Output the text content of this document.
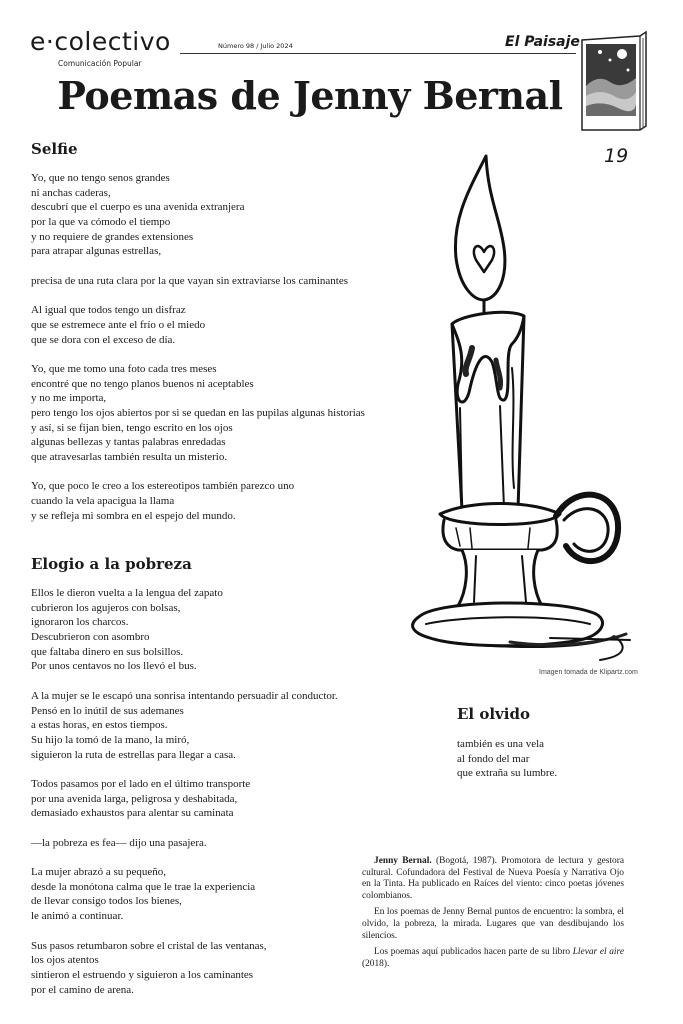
e·colectivo
Comunicación Popular
Número 98 / Julio 2024	El Paisaje
19
Poemas de Jenny Bernal
Selfie
Yo, que no tengo senos grandes
ni anchas caderas,
descubrí que el cuerpo es una avenida extranjera
por la que va cómodo el tiempo
y no requiere de grandes extensiones
para atrapar algunas estrellas,
precisa de una ruta clara por la que vayan sin extraviarse los caminantes
Al igual que todos tengo un disfraz
que se estremece ante el frío o el miedo
que se dora con el exceso de día.
Yo, que me tomo una foto cada tres meses
encontré que no tengo planos buenos ni aceptables
y no me importa,
pero tengo los ojos abiertos por si se quedan en las pupilas algunas historias
y así, si se fijan bien, tengo escrito en los ojos
algunas bellezas y tantas palabras enredadas
que atravesarlas también resulta un misterio.
Yo, que poco le creo a los estereotipos también parezco uno
cuando la vela apacigua la llama
y se refleja mi sombra en el espejo del mundo.
Imagen tomada de Klipartz.com
Elogio a la pobreza
Ellos le dieron vuelta a la lengua del zapato
cubrieron los agujeros con bolsas,
ignoraron los charcos.
Descubrieron con asombro
que faltaba dinero en sus bolsillos.
Por unos centavos no los llevó el bus.
A la mujer se le escapó una sonrisa intentando persuadir al conductor.
Pensó en lo inútil de sus ademanes
a estas horas, en estos tiempos.
Su hijo la tomó de la mano, la miró,
siguieron la ruta de estrellas para llegar a casa.
Todos pasamos por el lado en el último transporte
por una avenida larga, peligrosa y deshabitada,
demasiado exhaustos para alentar su caminata
—la pobreza es fea— dijo una pasajera.
La mujer abrazó a su pequeño,
desde la monótona calma que le trae la experiencia
de llevar consigo todos los bienes,
le animó a continuar.
Sus pasos retumbaron sobre el cristal de las ventanas,
los ojos atentos
sintieron el estruendo y siguieron a los caminantes
por el camino de arena.
El olvido
también es una vela
al fondo del mar
que extraña su lumbre.

Jenny Bernal. (Bogotá, 1987). Promotora de lectura y gestora cultural. Cofundadora del Festival de Nueva Poesía y Narrativa Ojo en la Tinta. Ha publicado en Raíces del viento: cinco poetas jóvenes colombianos.

En los poemas de Jenny Bernal puntos de encuentro: la sombra, el olvido, la pobreza, la mirada. Lugares que van desdibujando los silencios.

Los poemas aquí publicados hacen parte de su libro Llevar el aire (2018).
